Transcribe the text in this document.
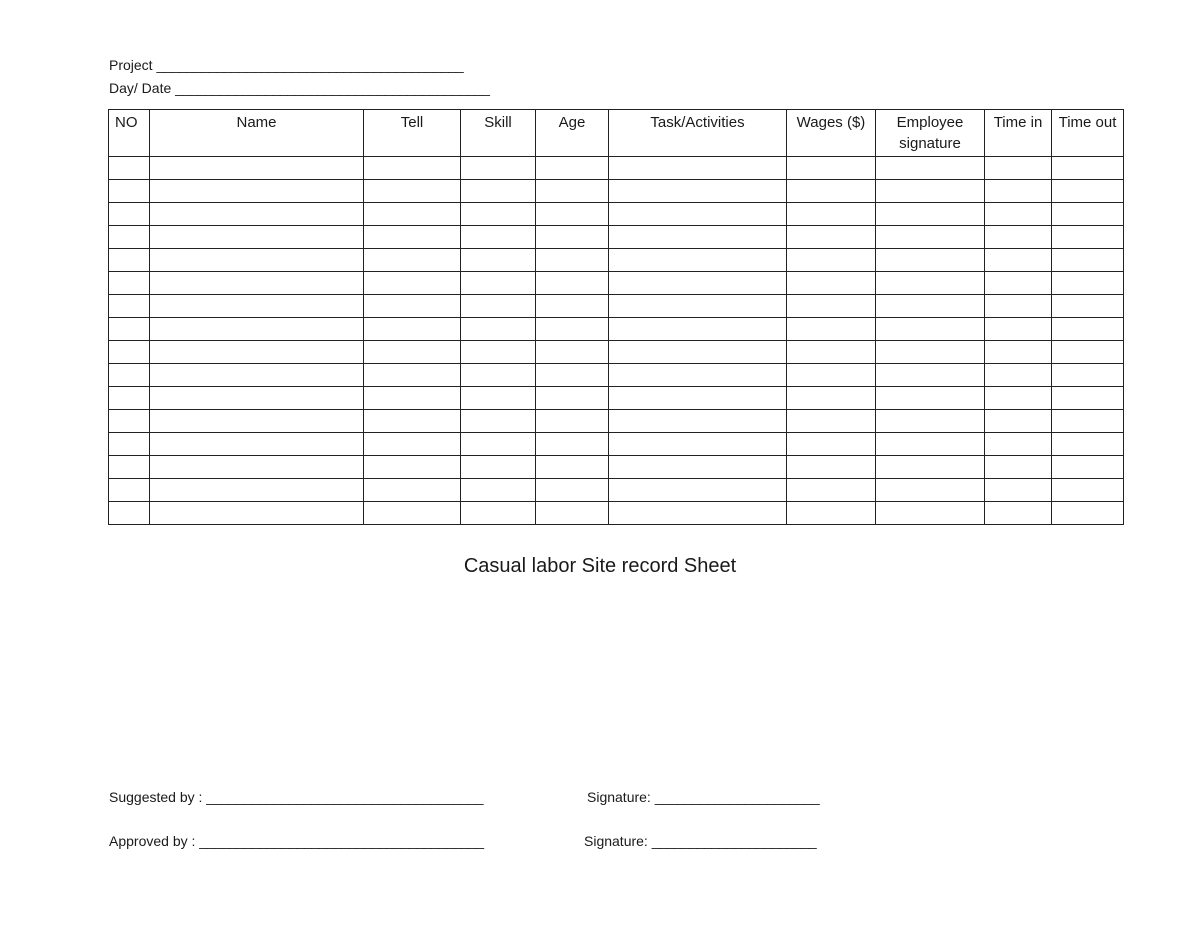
Project _________________________________________
Day/ Date __________________________________________
NO	Name	Tell	Skill	Age	Task/Activities	Wages ($)	Employee signature	Time in	Time out

Casual labor Site record Sheet
Suggested by : _____________________________________	Signature: ______________________
Approved by : ______________________________________	Signature: ______________________
